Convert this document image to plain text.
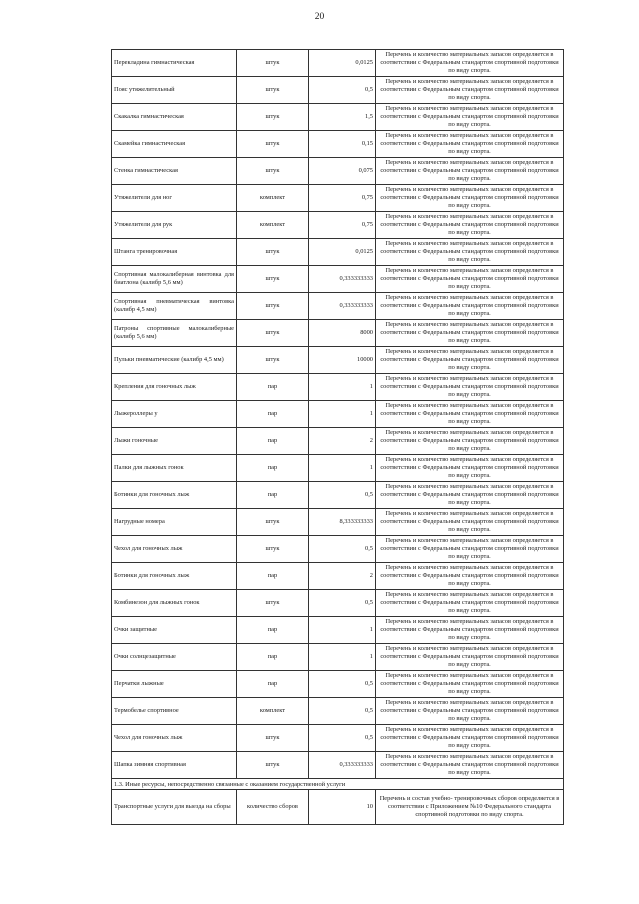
20
Перекладина гимнастическая	штук	0,0125	Перечень и количество материальных запасов определяется в соответствии с Федеральным стандартом спортивной подготовки по виду спорта.
Пояс утяжелительный	штук	0,5	Перечень и количество материальных запасов определяется в соответствии с Федеральным стандартом спортивной подготовки по виду спорта.
Скакалка гимнастическая	штук	1,5	Перечень и количество материальных запасов определяется в соответствии с Федеральным стандартом спортивной подготовки по виду спорта.
Скамейка гимнастическая	штук	0,15	Перечень и количество материальных запасов определяется в соответствии с Федеральным стандартом спортивной подготовки по виду спорта.
Стенка гимнастическая	штук	0,075	Перечень и количество материальных запасов определяется в соответствии с Федеральным стандартом спортивной подготовки по виду спорта.
Утяжелители для ног	комплект	0,75	Перечень и количество материальных запасов определяется в соответствии с Федеральным стандартом спортивной подготовки по виду спорта.
Утяжелители для рук	комплект	0,75	Перечень и количество материальных запасов определяется в соответствии с Федеральным стандартом спортивной подготовки по виду спорта.
Штанга тренировочная	штук	0,0125	Перечень и количество материальных запасов определяется в соответствии с Федеральным стандартом спортивной подготовки по виду спорта.
Спортивная малокалиберная винтовка для биатлона (калибр 5,6 мм)	штук	0,333333333	Перечень и количество материальных запасов определяется в соответствии с Федеральным стандартом спортивной подготовки по виду спорта.
Спортивная пневматическая винтовка (калибр 4,5 мм)	штук	0,333333333	Перечень и количество материальных запасов определяется в соответствии с Федеральным стандартом спортивной подготовки по виду спорта.
Патроны спортивные малокалиберные (калибр 5,6 мм)	штук	8000	Перечень и количество материальных запасов определяется в соответствии с Федеральным стандартом спортивной подготовки по виду спорта.
Пульки пневматические (калибр 4,5 мм)	штук	10000	Перечень и количество материальных запасов определяется в соответствии с Федеральным стандартом спортивной подготовки по виду спорта.
Крепления для гоночных лыж	пар	1	Перечень и количество материальных запасов определяется в соответствии с Федеральным стандартом спортивной подготовки по виду спорта.
Лыжероллеры у	пар	1	Перечень и количество материальных запасов определяется в соответствии с Федеральным стандартом спортивной подготовки по виду спорта.
Лыжи гоночные	пар	2	Перечень и количество материальных запасов определяется в соответствии с Федеральным стандартом спортивной подготовки по виду спорта.
Палки для лыжных гонок	пар	1	Перечень и количество материальных запасов определяется в соответствии с Федеральным стандартом спортивной подготовки по виду спорта.
Ботинки для гоночных лыж	пар	0,5	Перечень и количество материальных запасов определяется в соответствии с Федеральным стандартом спортивной подготовки по виду спорта.
Нагрудные номера	штук	8,333333333	Перечень и количество материальных запасов определяется в соответствии с Федеральным стандартом спортивной подготовки по виду спорта.
Чехол для гоночных лыж	штук	0,5	Перечень и количество материальных запасов определяется в соответствии с Федеральным стандартом спортивной подготовки по виду спорта.
Ботинки для гоночных лыж	пар	2	Перечень и количество материальных запасов определяется в соответствии с Федеральным стандартом спортивной подготовки по виду спорта.
Комбинезон для лыжных гонок	штук	0,5	Перечень и количество материальных запасов определяется в соответствии с Федеральным стандартом спортивной подготовки по виду спорта.
Очки защитные	пар	1	Перечень и количество материальных запасов определяется в соответствии с Федеральным стандартом спортивной подготовки по виду спорта.
Очки солнцезащитные	пар	1	Перечень и количество материальных запасов определяется в соответствии с Федеральным стандартом спортивной подготовки по виду спорта.
Перчатки лыжные	пар	0,5	Перечень и количество материальных запасов определяется в соответствии с Федеральным стандартом спортивной подготовки по виду спорта.
Термобелье спортивное	комплект	0,5	Перечень и количество материальных запасов определяется в соответствии с Федеральным стандартом спортивной подготовки по виду спорта.
Чехол для гоночных лыж	штук	0,5	Перечень и количество материальных запасов определяется в соответствии с Федеральным стандартом спортивной подготовки по виду спорта.
Шапка зимняя спортивная	штук	0,333333333	Перечень и количество материальных запасов определяется в соответствии с Федеральным стандартом спортивной подготовки по виду спорта.
1.3. Иные ресурсы, непосредственно связанные с оказанием государственной услуги			
Транспортные услуги для выезда на сборы	количество сборов	10	Перечень и состав учебно- тренировочных сборов определяется в соответствии с Приложением №10 Федерального стандарта спортивной подготовки по виду спорта.
